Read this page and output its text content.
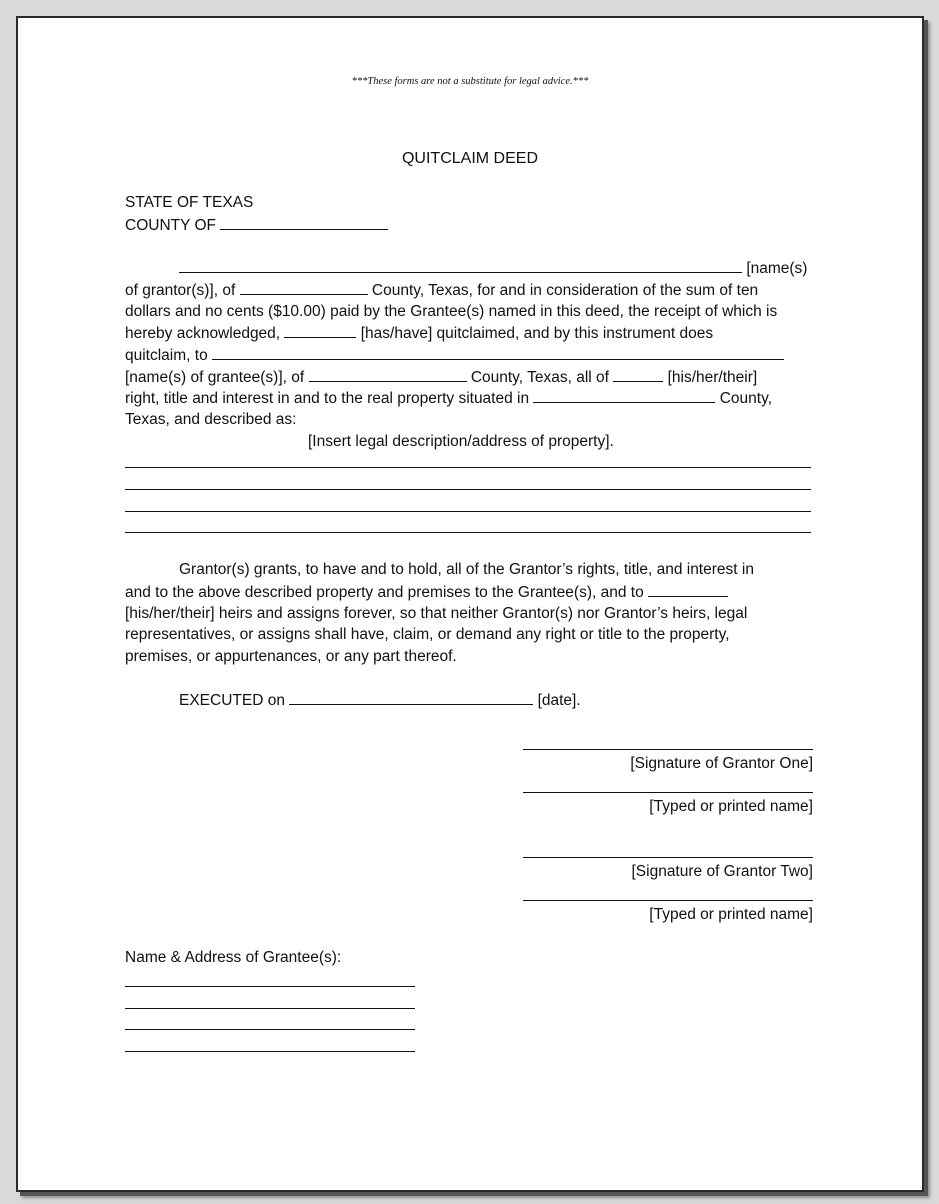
***These forms are not a substitute for legal advice.***
QUITCLAIM DEED
STATE OF TEXAS
COUNTY OF
[name(s)
of grantor(s)], of	County, Texas, for and in consideration of the sum of ten
dollars and no cents ($10.00) paid by the Grantee(s) named in this deed, the receipt of which is
hereby acknowledged,	[has/have] quitclaimed, and by this instrument does
quitclaim, to
[name(s) of grantee(s)], of	County, Texas, all of	[his/her/their]
right, title and interest in and to the real property situated in	County,
Texas, and described as:
[Insert legal description/address of property].
Grantor(s) grants, to have and to hold, all of the Grantor’s rights, title, and interest in
and to the above described property and premises to the Grantee(s), and to
[his/her/their] heirs and assigns forever, so that neither Grantor(s) nor Grantor’s heirs, legal
representatives, or assigns shall have, claim, or demand any right or title to the property,
premises, or appurtenances, or any part thereof.
EXECUTED on	[date].
[Signature of Grantor One]
[Typed or printed name]
[Signature of Grantor Two]
[Typed or printed name]
Name & Address of Grantee(s):
